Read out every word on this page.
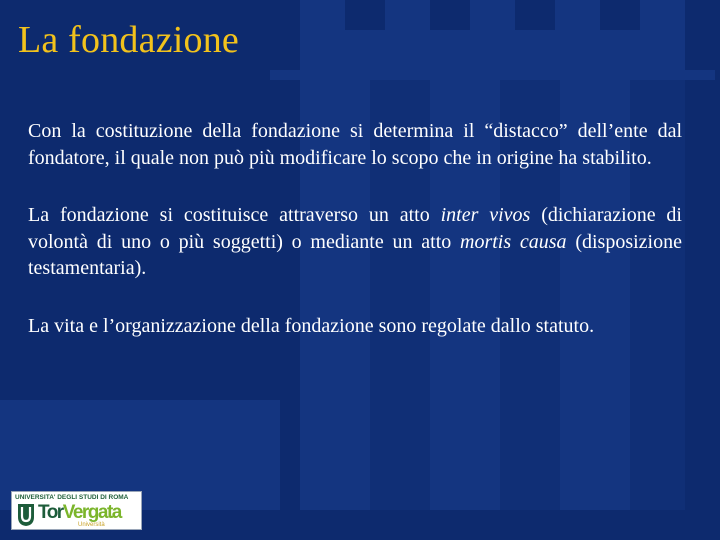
La fondazione

Con la costituzione della fondazione si determina il “distacco” dell’ente dal fondatore, il quale non può più modificare lo scopo che in origine ha stabilito.

La fondazione si costituisce attraverso un atto inter vivos (dichiarazione di volontà di uno o più soggetti) o mediante un atto mortis causa (disposizione testamentaria).

La vita e l’organizzazione della fondazione sono regolate dallo statuto.

UNIVERSITA' DEGLI STUDI DI ROMA
TorVergata
Università
